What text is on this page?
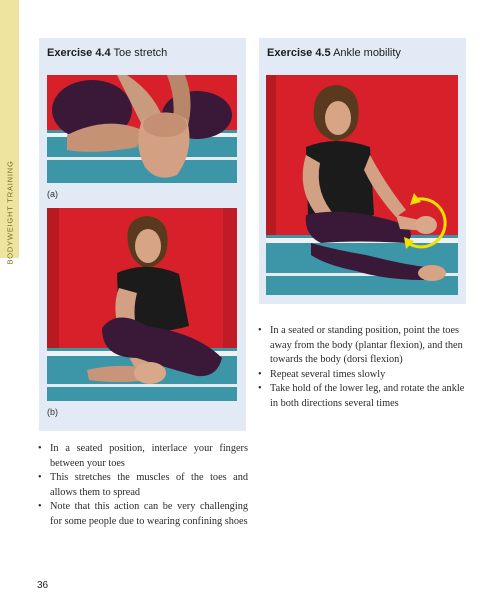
BODYWEIGHT TRAINING
Exercise 4.4 Toe stretch
(a)
(b)
Exercise 4.5 Ankle mobility
• In a seated position, interlace your fingers between your toes
• This stretches the muscles of the toes and allows them to spread
• Note that this action can be very challenging for some people due to wearing confining shoes
• In a seated or standing position, point the toes away from the body (plantar flexion), and then towards the body (dorsi flexion)
• Repeat several times slowly
• Take hold of the lower leg, and rotate the ankle in both directions several times
36
